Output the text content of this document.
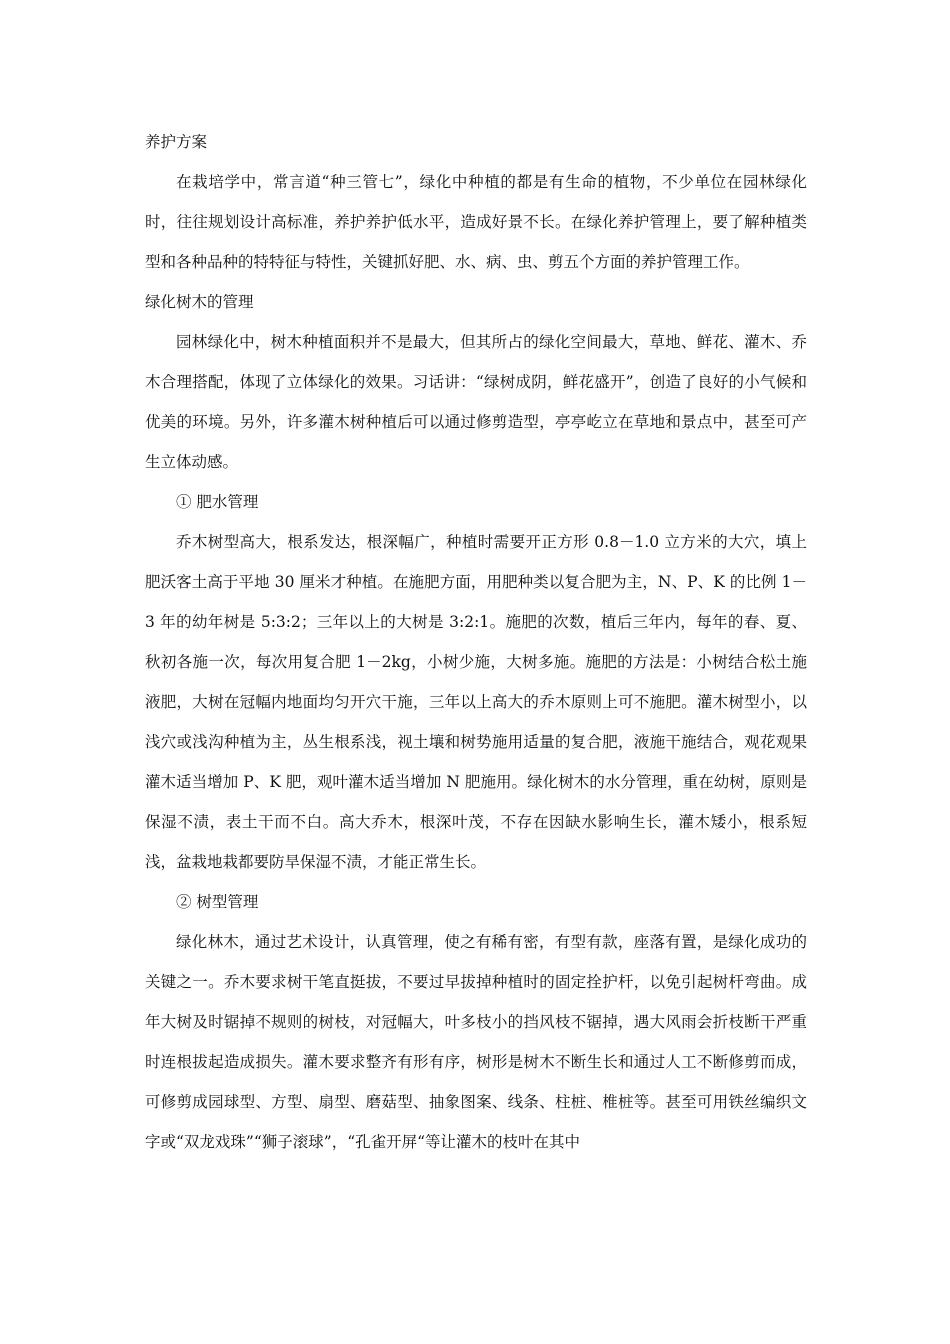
养护方案

在栽培学中，常言道“种三管七”，绿化中种植的都是有生命的植物，不少单位在园林绿化时，往往规划设计高标准，养护养护低水平，造成好景不长。在绿化养护管理上，要了解种植类型和各种品种的特特征与特性，关键抓好肥、水、病、虫、剪五个方面的养护管理工作。

绿化树木的管理

园林绿化中，树木种植面积并不是最大，但其所占的绿化空间最大，草地、鲜花、灌木、乔木合理搭配，体现了立体绿化的效果。习话讲：“绿树成阴，鲜花盛开”，创造了良好的小气候和优美的环境。另外，许多灌木树种植后可以通过修剪造型，亭亭屹立在草地和景点中，甚至可产生立体动感。

① 肥水管理

乔木树型高大，根系发达，根深幅广，种植时需要开正方形 0.8－1.0 立方米的大穴，填上肥沃客土高于平地 30 厘米才种植。在施肥方面，用肥种类以复合肥为主，N、P、K 的比例 1－3 年的幼年树是 5:3:2；三年以上的大树是 3:2:1。施肥的次数，植后三年内，每年的春、夏、秋初各施一次，每次用复合肥 1－2kg，小树少施，大树多施。施肥的方法是：小树结合松土施液肥，大树在冠幅内地面均匀开穴干施，三年以上高大的乔木原则上可不施肥。灌木树型小，以浅穴或浅沟种植为主，丛生根系浅，视土壤和树势施用适量的复合肥，液施干施结合，观花观果灌木适当增加 P、K 肥，观叶灌木适当增加 N 肥施用。绿化树木的水分管理，重在幼树，原则是保湿不渍，表土干而不白。高大乔木，根深叶茂，不存在因缺水影响生长，灌木矮小，根系短浅，盆栽地栽都要防旱保湿不渍，才能正常生长。

② 树型管理

绿化林木，通过艺术设计，认真管理，使之有稀有密，有型有款，座落有置，是绿化成功的关键之一。乔木要求树干笔直挺拔，不要过早拔掉种植时的固定拴护杆，以免引起树杆弯曲。成年大树及时锯掉不规则的树枝，对冠幅大，叶多枝小的挡风枝不锯掉，遇大风雨会折枝断干严重时连根拔起造成损失。灌木要求整齐有形有序，树形是树木不断生长和通过人工不断修剪而成，可修剪成园球型、方型、扇型、磨菇型、抽象图案、线条、柱桩、椎桩等。甚至可用铁丝编织文字或“双龙戏珠”“狮子滚球”，“孔雀开屏“等让灌木的枝叶在其中
